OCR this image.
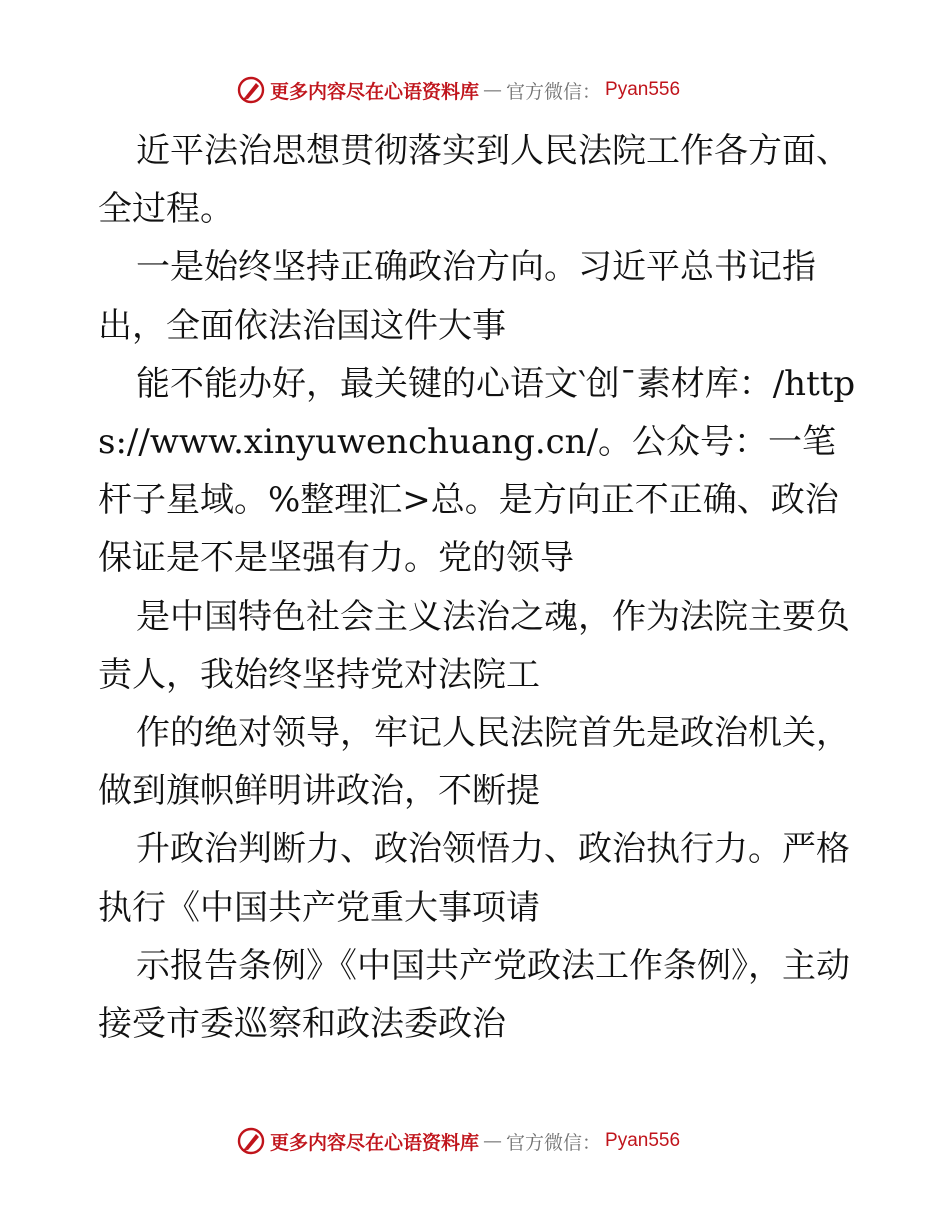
更多内容尽在心语资料库 — 官方微信： Pyan556

近平法治思想贯彻落实到人民法院工作各方面、全过程。

一是始终坚持正确政治方向。习近平总书记指出，全面依法治国这件大事

能不能办好，最关键的心语文‵创¯素材库：/https://www.xinyuwenchuang.cn/。公众号：一笔杆子星域。%整理汇>总。是方向正不正确、政治保证是不是坚强有力。党的领导

是中国特色社会主义法治之魂，作为法院主要负责人，我始终坚持党对法院工

作的绝对领导，牢记人民法院首先是政治机关，做到旗帜鲜明讲政治，不断提

升政治判断力、政治领悟力、政治执行力。严格执行《中国共产党重大事项请

示报告条例》《中国共产党政法工作条例》，主动接受市委巡察和政法委政治

更多内容尽在心语资料库 — 官方微信： Pyan556
